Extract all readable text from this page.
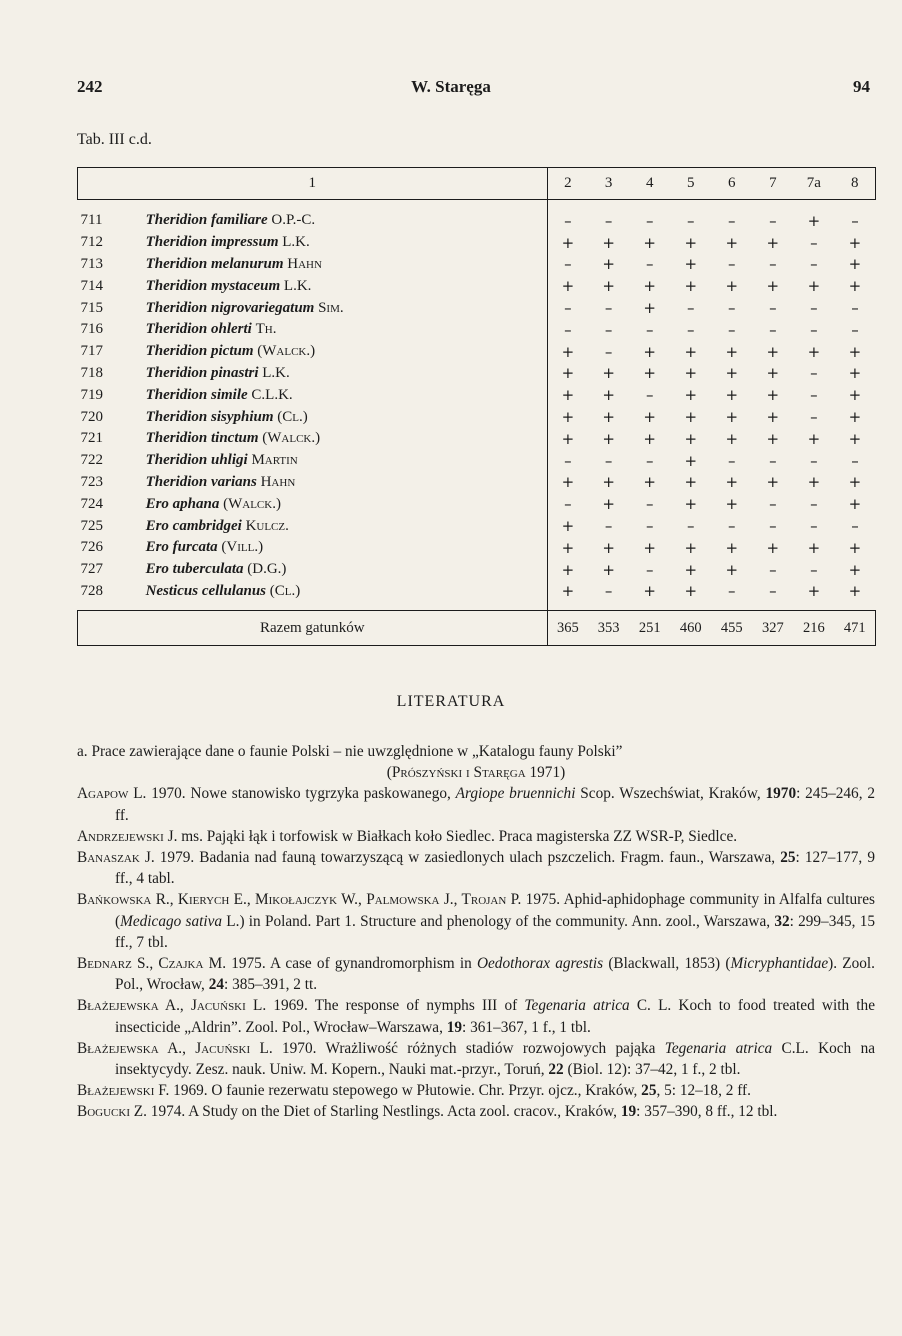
242	W. Staręga	94
Tab. III c.d.
1		2	3	4	5	6	7	7a	8

711	Theridion familiare O.P.-C.	–	–	–	–	–	–	+	–
712	Theridion impressum L.K.	+	+	+	+	+	+	–	+
713	Theridion melanurum Hahn	–	+	–	+	–	–	–	+
714	Theridion mystaceum L.K.	+	+	+	+	+	+	+	+
715	Theridion nigrovariegatum Sim.	–	–	+	–	–	–	–	–
716	Theridion ohlerti Th.	–	–	–	–	–	–	–	–
717	Theridion pictum (Walck.)	+	–	+	+	+	+	+	+
718	Theridion pinastri L.K.	+	+	+	+	+	+	–	+
719	Theridion simile C.L.K.	+	+	–	+	+	+	–	+
720	Theridion sisyphium (Cl.)	+	+	+	+	+	+	–	+
721	Theridion tinctum (Walck.)	+	+	+	+	+	+	+	+
722	Theridion uhligi Martin	–	–	–	+	–	–	–	–
723	Theridion varians Hahn	+	+	+	+	+	+	+	+
724	Ero aphana (Walck.)	–	+	–	+	+	–	–	+
725	Ero cambridgei Kulcz.	+	–	–	–	–	–	–	–
726	Ero furcata (Vill.)	+	+	+	+	+	+	+	+
727	Ero tuberculata (D.G.)	+	+	–	+	+	–	–	+
728	Nesticus cellulanus (Cl.)	+	–	+	+	–	–	+	+

Razem gatunków		365	353	251	460	455	327	216	471
LITERATURA

a. Prace zawierające dane o faunie Polski – nie uwzględnione w „Katalogu fauny Polski”
(Prószyński i Staręga 1971)

Agapow L. 1970. Nowe stanowisko tygrzyka paskowanego, Argiope bruennichi Scop. Wszechświat, Kraków, 1970: 245–246, 2 ff.

Andrzejewski J. ms. Pająki łąk i torfowisk w Białkach koło Siedlec. Praca magisterska ZZ WSR-P, Siedlce.

Banaszak J. 1979. Badania nad fauną towarzyszącą w zasiedlonych ulach pszczelich. Fragm. faun., Warszawa, 25: 127–177, 9 ff., 4 tabl.

Bańkowska R., Kierych E., Mikołajczyk W., Palmowska J., Trojan P. 1975. Aphid-aphidophage community in Alfalfa cultures (Medicago sativa L.) in Poland. Part 1. Structure and phenology of the community. Ann. zool., Warszawa, 32: 299–345, 15 ff., 7 tbl.

Bednarz S., Czajka M. 1975. A case of gynandromorphism in Oedothorax agrestis (Blackwall, 1853) (Micryphantidae). Zool. Pol., Wrocław, 24: 385–391, 2 tt.

Błażejewska A., Jacuński L. 1969. The response of nymphs III of Tegenaria atrica C. L. Koch to food treated with the insecticide „Aldrin”. Zool. Pol., Wrocław–Warszawa, 19: 361–367, 1 f., 1 tbl.

Błażejewska A., Jacuński L. 1970. Wrażliwość różnych stadiów rozwojowych pająka Tegenaria atrica C.L. Koch na insektycydy. Zesz. nauk. Uniw. M. Kopern., Nauki mat.-przyr., Toruń, 22 (Biol. 12): 37–42, 1 f., 2 tbl.

Błażejewski F. 1969. O faunie rezerwatu stepowego w Płutowie. Chr. Przyr. ojcz., Kraków, 25, 5: 12–18, 2 ff.

Bogucki Z. 1974. A Study on the Diet of Starling Nestlings. Acta zool. cracov., Kraków, 19: 357–390, 8 ff., 12 tbl.
